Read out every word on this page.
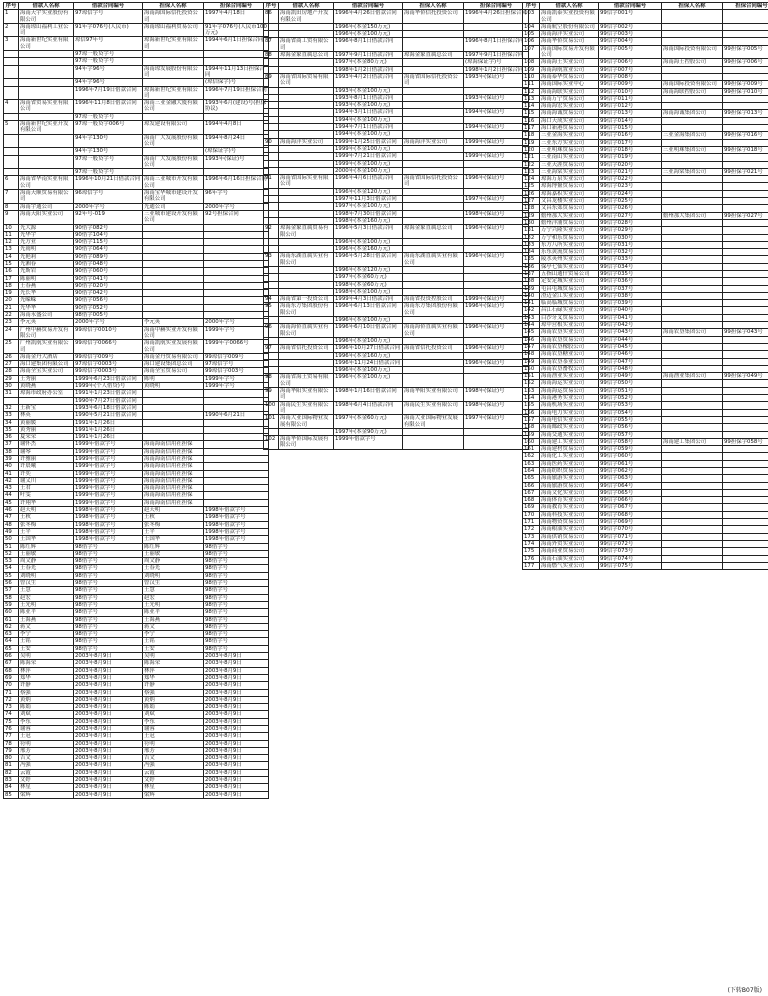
序号	借款人名称	借款合同编号	担保人名称	担保合同编号
1	海南天宇实业股份有限公司	97琼信字号	海南海国际信托投资公司	1997年4月18日
2	海南琼山福利工业公司	91年字076号(人民币)	海南琼山福利贸易公司	91年字076号(人民币100万元)
3	海南新世纪实业有限公司	琼信97年号	琼海新世纪实业有限公司	1994年6月1日担保合同
		97琼一般贷字号		
		97琼一般贷字号		
		94年字96号	海南琼发展股份有限公司	1994年11月13日担保合同
		94年字96号		(琼信保字)号
		1996年7月19日借款合同	琼海新世纪实业有限公司	1996年7月19日担保合同
4	海南省贸易实业有限公司	1996年11月8日借款合同	海南三亚金融大厦有限公司	1993年6月(建设)号(担保协议)
		97琼一般贷字号		
5	海南新世纪实业开发有限公司	97琼一般贷字006号	琼发建设有限公司	1994年4月8日
		94年字130号	海南广大发展股份有限公司	1994年8月24日
		94年字130号		(琼保证字)号
		97琼一般贷字号	海南广大发展股份有限公司	1993年(保证)号
		97琼一般贷字号		
6	海南省华南实业有限公司	1996年10月21日借款合同	海南三亚城市开发有限公司	1996年6月16日担保合同
7	海南天顺贸易有限公司	96琼信字号	海南宝华城市建设开发有限公司	96年字号
8	海南宇通公司	2000年字号	光通公司	2000年字号
9	海南天阳实业公司	92年号-019	三亚城市建设开发有限公司	92号担保合同
10	光大源	90借字082号		
11	光华宇	90借字104号		
12	光方亚	90借字115号		
13	光雨明	90借字064号		
14	光艳莉	90借字089号		
15	光湘春	90借字048号		
16	光斯岩	90借字060号		
17	陈丽明	90借字041号		
18	王春燕	90借字020号		
19	光长华	90借字042号		
20	光嵘嵘	90借字056号		
21	光华华	90借字052号		
22	海南永盛公司	98借字005号		
23	李元英	2000年字号	李元英	2000年字号
24	广州中赫贸易开发有限公司	99琼信字0010号	海南中赫实业开发有限公司	1999年字号
25	广州凯航实业有限公司	99琼信字0066号	海南凯航实业发展有限公司	1999年字0066号
26	海南金丹大酒店	99琼信字009号	海南金丹贸易有限公司	99琼信字009号
27	海口建集团有限公司	97琼信字0003号	海口建设集团总公司	97琼信字号
28	海南全宝实业公司	99琼信字0003号	海南全宝贸易公司	99琼信字003号
29	王秀丽	1999年6月23日借款合同	陈明	1999年字号
30	黄晓燕	1999年(个人借贷)号	黄晓明	1999年字号
31	琼海市政府办公室	1991年1月23日借款合同		
		1990年7月27日借款合同		
32	王新宝	1993年6月18日借款合同		
33	林英	1990年5月21日借款合同		1990年6月21日
34	黄丽媛	1991年1月26日		
35	黄秀丽	1991年1月26日		
36	夏荣荣	1991年1月26日		
37	谢怀杰	1999年借款字号	海南海南信用社担保	
38	谢琴	1999年借款字号	海南海南信用社担保	
39	许雅丽	1999年借款字号	海南海南信用社担保	
40	许晨曦	1999年借款字号	海南海南信用社担保	
41	许奕	1999年借款字号	海南海南信用社担保	
42	谢义川	1999年借款字号	海南海南信用社担保	
43	王君	1999年借款字号	海南海南信用社担保	
44	叶雯	1999年借款字号	海南海南信用社担保	
45	许翔华	1999年借款字号	海南海南信用社担保	
46	赵天明	1998年借款字号	赵天明	1998年借款字号
47	王秋	1998年借款字号	王秋	1998年借款字号
48	张冬梅	1998年借款字号	张冬梅	1998年借款字号
49	王平	1998年借款字号	王平	1998年借款字号
50	王国华	1998年借款字号	王国华	1998年借款字号
51	陈红辉	98借字号	陈红辉	98借字号
52	王丽敏	98借字号	王丽敏	98借字号
53	周文静	98借字号	周文静	98借字号
54	王春光	98借字号	王春光	98借字号
55	刘晓明	98借字号	刘晓明	98借字号
56	曾汉生	98借字号	曾汉生	98借字号
57	王慧	98借字号	王慧	98借字号
58	赵宏	98借字号	赵宏	98借字号
59	王光明	98借字号	王光明	98借字号
60	陈亚平	98借字号	陈亚平	98借字号
61	王海燕	98借字号	王海燕	98借字号
62	蒋文	98借字号	蒋文	98借字号
63	李宁	98借字号	李宁	98借字号
64	王铭	98借字号	王铭	98借字号
65	王安	98借字号	王安	98借字号
66	吴明	2003年8月9日	吴明	2003年8月9日
67	陈海荣	2003年8月9日	陈海荣	2003年8月9日
68	林萍	2003年8月9日	林萍	2003年8月9日
69	郑华	2003年8月9日	郑华	2003年8月9日
70	许静	2003年8月9日	许静	2003年8月9日
71	蔡强	2003年8月9日	蔡强	2003年8月9日
72	黄炳	2003年8月9日	黄炳	2003年8月9日
73	陈娟	2003年8月9日	陈娟	2003年8月9日
74	刘斌	2003年8月9日	刘斌	2003年8月9日
75	李东	2003年8月9日	李东	2003年8月9日
76	谢蓉	2003年8月9日	谢蓉	2003年8月9日
77	王冠	2003年8月9日	王冠	2003年8月9日
78	符明	2003年8月9日	符明	2003年8月9日
79	邢芳	2003年8月9日	邢芳	2003年8月9日
80	吉文	2003年8月9日	吉文	2003年8月9日
81	冯强	2003年8月9日	冯强	2003年8月9日
82	云霞	2003年8月9日	云霞	2003年8月9日
83	文婷	2003年8月9日	文婷	2003年8月9日
84	林星	2003年8月9日	林星	2003年8月9日
85	梁辉	2003年8月9日	梁辉	2003年8月9日
序号	借款人名称	借款合同编号	担保人名称	担保合同编号
86	海南凯田房地产开发有限公司	1996年4月26日借款合同	海南华侨信托投资公司	1996年4月26日担保合同
		1996年(本金150万元)		
		1996年(本金100万元)		
87	海南省商工贸有限公司	1996年8月1日借款合同		1996年8月1日担保合同
88	琼海金象直属总公司	1997年9月1日借款合同	琼海金象直属总公司	1997年9月1日担保合同
		1997年(本金80万元)		(琼海保证字)号
		1998年1月2日借款合同		1998年1月2日担保合同
89	海南省国际贸易有限公司	1993年4月2日借款合同	海南省国际信托投资公司	1993年(保证)号
		1993年(本金100万元)		
		1993年8月1日借款合同		1993年(保证)号
		1993年(本金100万元)		
		1994年3月1日借款合同		1994年(保证)号
		1994年(本金100万元)		
		1994年7月1日借款合同		1994年(保证)号
		1994年(本金100万元)		
90	海南海洋实业公司	1999年1月25日借款合同	海南海洋实业公司	1999年(保证)号
		1999年(本金100万元)		
		1999年7月21日借款合同		1999年(保证)号
		1999年(本金100万元)		
		2000年(本金100万元)		
91	海南省国际实业有限公司	1996年4月6日借款合同	海南省国际信托投资公司	1996年(保证)号
		1996年(本金120万元)		
		1997年11月3日借款合同		1997年(保证)号
		1997年(本金100万元)		
		1998年7月30日借款合同		1998年(保证)号
		1998年(本金160万元)		
92	琼海金象直属贸易有限公司	1996年5月3日借款合同	琼海金象直属总公司	1996年(保证)号
		1996年(本金100万元)		
		1996年(本金160万元)		
93	海南东湖直属实业有限公司	1996年5月28日借款合同	海南东湖直属实业有限公司	1996年(保证)号
		1996年(本金120万元)		
		1997年(本金60万元)		
		1998年(本金60万元)		
		1998年(本金100万元)		
94	海南省第一投资公司	1999年4月3日借款合同	海南省投资控股公司	1999年(保证)号
95	海南东方集团股份有限公司	1996年6月13日借款合同	海南东方集团股份有限公司	1996年(保证)号
		1996年(本金100万元)		
96	海南海侨直属实业有限公司	1996年6月10日借款合同	海南海侨直属实业有限公司	1996年(保证)号
		1996年(本金100万元)		
97	海南省信托投资公司	1996年10月27日借款合同	海南省信托投资公司	1996年(保证)号
		1996年(本金160万元)		
		1996年11月24日借款合同		1996年(保证)号
		1996年(本金100万元)		
98	海南省海王贸易有限公司	1996年(本金100万元)		
99	海南华阳实业有限公司	1998年1月16日借款合同	海南华阳实业有限公司	1998年(保证)号
100	海南民生实业有限公司	1998年6月4日借款合同	海南民生实业有限公司	1998年(保证)号
101	海南大亚国际物业发展有限公司	1997年(本金60万元)	海南大亚国际物业发展有限公司	1997年(保证)号
		1997年(本金90万元)		
102	海南华侨国际发展有限公司	1999年借款字号		
序号	借款人名称	借款合同编号	担保人名称	担保合同编号
103	海南凯泰实业投资有限公司	99信字001号		
104	海南航空股份有限公司	99信字002号		
105	海南海洋实业公司	99信字003号		
106	海南华侨贸易公司	99信字004号		
107	海南国际贸易开发有限公司	99信字005号	海南国际投资有限公司	99担保字005号
108	海南海王实业公司	99信字006号	海南海王控股公司	99担保字006号
109	海南海航置业公司	99信字007号		
110	海南泰华贸易公司	99信字008号		
111	海南国际实业中心	99信字009号	海南国际投资有限公司	99担保字009号
112	海南海联实业公司	99信字010号	海南海联控股公司	99担保字010号
113	海南万宁贸易公司	99信字011号		
114	海南海宏实业公司	99信字012号		
115	海南海诚贸易公司	99信字013号	海南海诚集团公司	99担保字013号
116	海口天成实业公司	99信字014号		
117	海口新港贸易公司	99信字015号		
118	三亚金海实业公司	99信字016号	三亚金海集团公司	99担保字016号
119	三亚东方实业公司	99信字017号		
120	三亚明珠贸易公司	99信字018号	三亚明珠集团公司	99担保字018号
121	三亚南山实业公司	99信字019号		
122	三亚天涯贸易公司	99信字020号		
123	三亚海棠实业公司	99信字021号	三亚海棠集团公司	99担保字021号
124	琼海万泉实业公司	99信字022号		
125	琼海博鳌贸易公司	99信字023号		
126	琼海嘉积实业公司	99信字024号		
127	文昌龙楼实业公司	99信字025号		
128	文昌东郊贸易公司	99信字026号		
129	儋州那大实业公司	99信字027号	儋州那大集团公司	99担保字027号
130	儋州洋浦贸易公司	99信字028号		
131	万宁兴隆实业公司	99信字029号		
132	万宁和乐贸易公司	99信字030号		
133	东方八所实业公司	99信字031号		
134	乐东黄流贸易公司	99信字032号		
135	陵水英州实业公司	99信字033号		
136	保亭七仙实业公司	99信字034号		
137	五指山通什贸易公司	99信字035号		
138	定安定城实业公司	99信字036号		
139	屯昌屯城贸易公司	99信字037号		
140	澄迈金江实业公司	99信字038号		
141	临高临城贸易公司	99信字039号		
142	昌江石碌实业公司	99信字040号		
143	白沙牙叉贸易公司	99信字041号		
144	琼中营根实业公司	99信字042号		
145	海南农垦实业公司	99信字043号	海南农垦集团公司	99担保字043号
146	海南农垦贸易公司	99信字044号		
147	海南农垦橡胶公司	99信字045号		
148	海南农垦糖业公司	99信字046号		
149	海南农垦茶业公司	99信字047号		
150	海南农垦畜牧公司	99信字048号		
151	海南渔业实业公司	99信字049号	海南渔业集团公司	99担保字049号
152	海南海运实业公司	99信字050号		
153	海南海运贸易公司	99信字051号		
154	海南港务实业公司	99信字052号		
155	海南机场实业公司	99信字053号		
156	海南电力实业公司	99信字054号		
157	海南电信实业公司	99信字055号		
158	海南邮政实业公司	99信字056号		
159	海南交通实业公司	99信字057号		
160	海南建工实业公司	99信字058号	海南建工集团公司	99担保字058号
161	海南建材贸易公司	99信字059号		
162	海南化工实业公司	99信字060号		
163	海南医药实业公司	99信字061号		
164	海南纺织贸易公司	99信字062号		
165	海南旅游实业公司	99信字063号		
166	海南旅游贸易公司	99信字064号		
167	海南文化实业公司	99信字065号		
168	海南体育实业公司	99信字066号		
169	海南教育实业公司	99信字067号		
170	海南科技实业公司	99信字068号		
171	海南物资贸易公司	99信字069号		
172	海南粮油实业公司	99信字070号		
173	海南供销贸易公司	99信字071号		
174	海南外贸实业公司	99信字072号		
175	海南商业贸易公司	99信字073号		
176	海南石油实业公司	99信字074号		
177	海南燃气实业公司	99信字075号		
(下转B07版)
